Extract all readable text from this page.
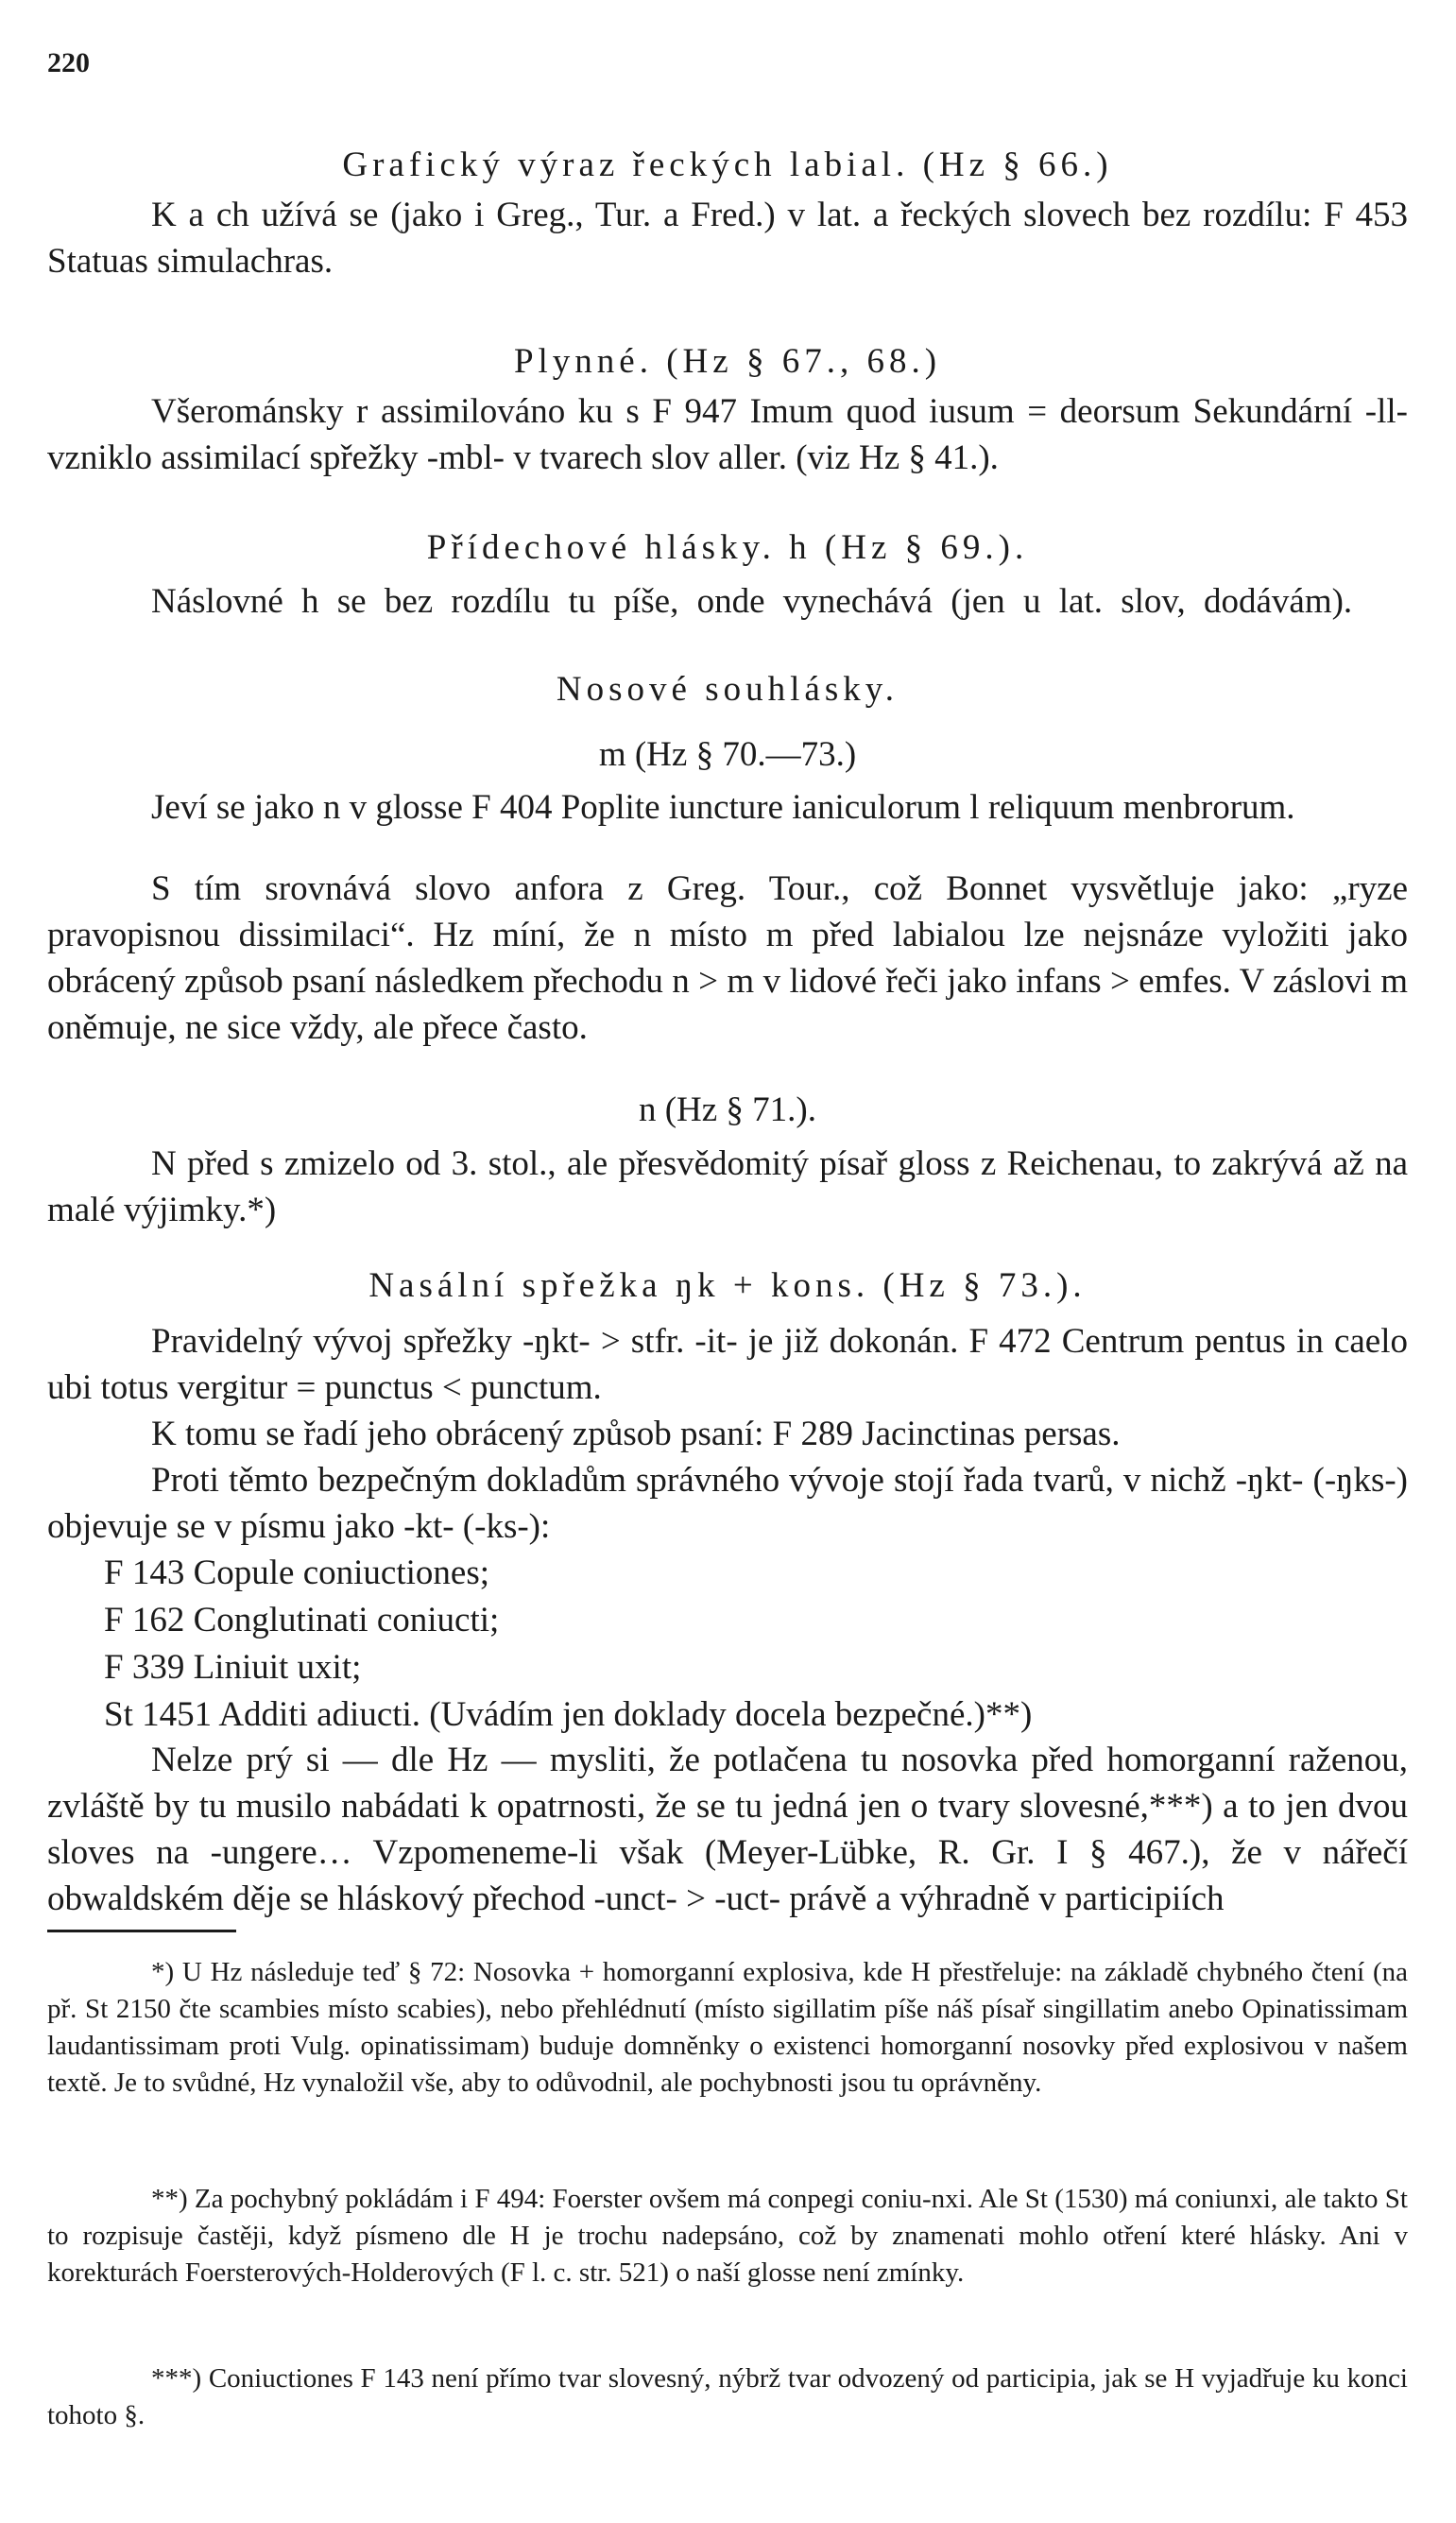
220
Grafický výraz řeckých labial. (Hz § 66.)
K a ch užívá se (jako i Greg., Tur. a Fred.) v lat. a řeckých slovech bez rozdílu: F 453 Statuas simulachras.
Plynné. (Hz § 67., 68.)
Všerománsky r assimilováno ku s F 947 Imum quod iusum = deorsum Sekundární -ll- vzniklo assimilací spřežky -mbl- v tvarech slov aller. (viz Hz § 41.).
Přídechové hlásky. h (Hz § 69.).
Náslovné h se bez rozdílu tu píše, onde vynechává (jen u lat. slov, dodávám).
Nosové souhlásky.
m (Hz § 70.—73.)
Jeví se jako n v glosse F 404 Poplite iuncture ianiculorum l reliquum menbrorum.
S tím srovnává slovo anfora z Greg. Tour., což Bonnet vysvětluje jako: „ryze pravopisnou dissimilaci“. Hz míní, že n místo m před labialou lze nejsnáze vyložiti jako obrácený způsob psaní následkem přechodu n > m v lidové řeči jako infans > emfes. V záslovi m oněmuje, ne sice vždy, ale přece často.
n (Hz § 71.).
N před s zmizelo od 3. stol., ale přesvědomitý písař gloss z Reichenau, to zakrývá až na malé výjimky.*)
Nasální spřežka ŋk + kons. (Hz § 73.).
Pravidelný vývoj spřežky -ŋkt- > stfr. -it- je již dokonán. F 472 Centrum pentus in caelo ubi totus vergitur = punctus < punctum.
K tomu se řadí jeho obrácený způsob psaní: F 289 Jacinctinas persas.
Proti těmto bezpečným dokladům správného vývoje stojí řada tvarů, v nichž -ŋkt- (-ŋks-) objevuje se v písmu jako -kt- (-ks-):
F 143 Copule coniuctiones;
F 162 Conglutinati coniucti;
F 339 Liniuit uxit;
St 1451 Additi adiucti. (Uvádím jen doklady docela bezpečné.)**)
Nelze prý si — dle Hz — mysliti, že potlačena tu nosovka před homorganní raženou, zvláště by tu musilo nabádati k opatrnosti, že se tu jedná jen o tvary slovesné,***) a to jen dvou sloves na -ungere… Vzpomeneme-li však (Meyer-Lübke, R. Gr. I § 467.), že v nářečí obwaldském děje se hláskový přechod -unct- > -uct- právě a výhradně v participiích
*) U Hz následuje teď § 72: Nosovka + homorganní explosiva, kde H přestřeluje: na základě chybného čtení (na př. St 2150 čte scambies místo scabies), nebo přehlédnutí (místo sigillatim píše náš písař singillatim anebo Opinatissimam laudantissimam proti Vulg. opinatissimam) buduje domněnky o existenci homorganní nosovky před explosivou v našem textě. Je to svůdné, Hz vynaložil vše, aby to odůvodnil, ale pochybnosti jsou tu oprávněny.
**) Za pochybný pokládám i F 494: Foerster ovšem má conpegi coniu-nxi. Ale St (1530) má coniunxi, ale takto St to rozpisuje častěji, když písmeno dle H je trochu nadepsáno, což by znamenati mohlo otření které hlásky. Ani v korekturách Foersterových-Holderových (F l. c. str. 521) o naší glosse není zmínky.
***) Coniuctiones F 143 není přímo tvar slovesný, nýbrž tvar odvozený od participia, jak se H vyjadřuje ku konci tohoto §.
